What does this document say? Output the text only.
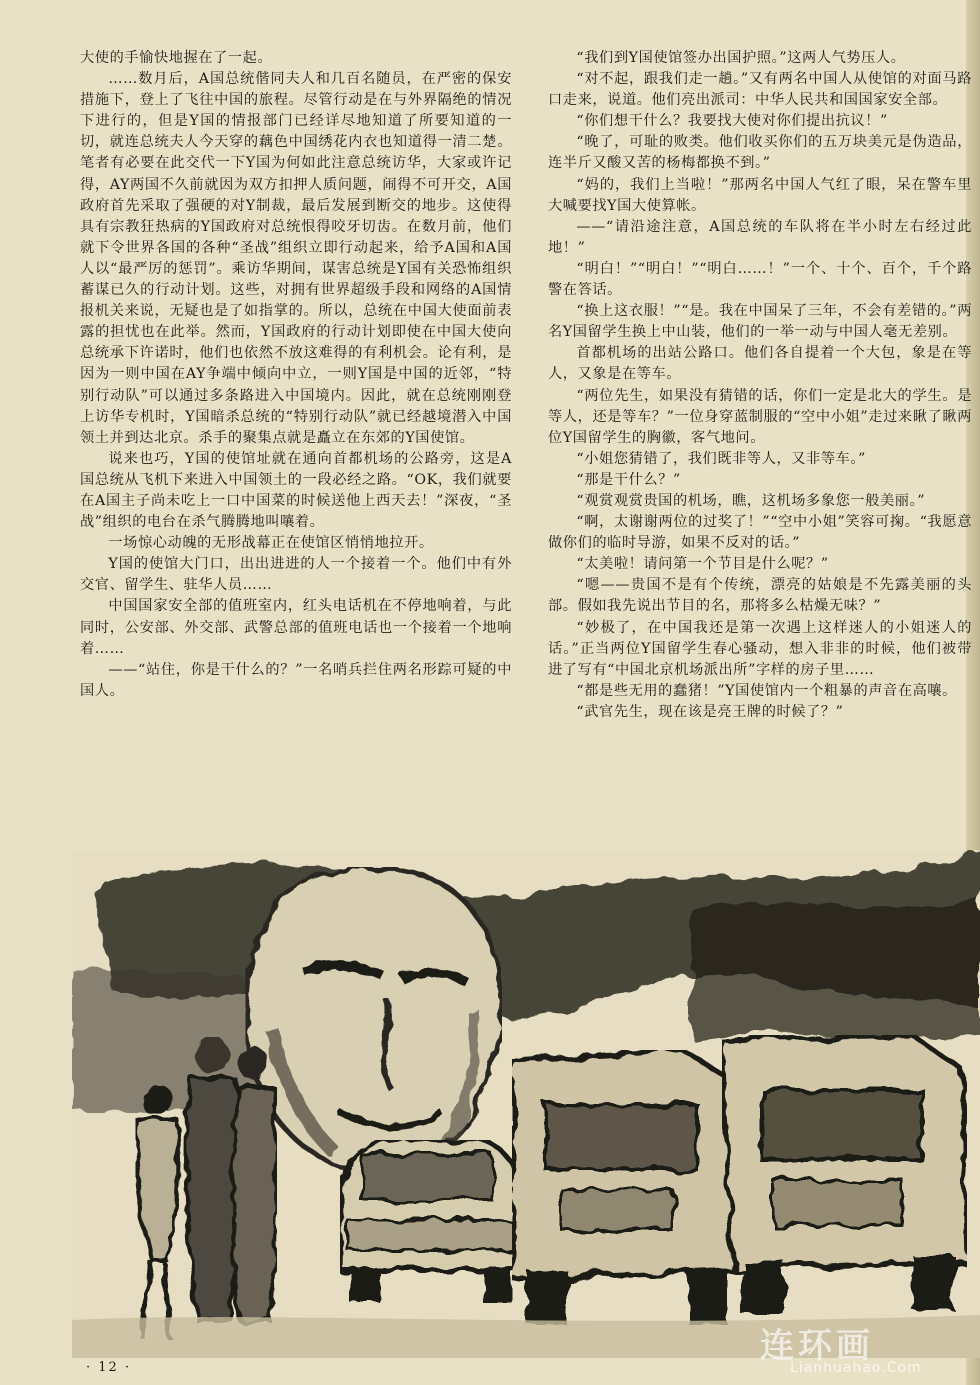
大使的手愉快地握在了一起。

……数月后，A国总统偕同夫人和几百名随员，在严密的保安措施下，登上了飞往中国的旅程。尽管行动是在与外界隔绝的情况下进行的，但是Y国的情报部门已经详尽地知道了所要知道的一切，就连总统夫人今天穿的藕色中国绣花内衣也知道得一清二楚。笔者有必要在此交代一下Y国为何如此注意总统访华，大家或许记得，AY两国不久前就因为双方扣押人质问题，闹得不可开交，A国政府首先采取了强硬的对Y制裁，最后发展到断交的地步。这使得具有宗教狂热病的Y国政府对总统恨得咬牙切齿。在数月前，他们就下令世界各国的各种“圣战”组织立即行动起来，给予A国和A国人以“最严厉的惩罚”。乘访华期间，谋害总统是Y国有关恐怖组织蓄谋已久的行动计划。这些，对拥有世界超级手段和网络的A国情报机关来说，无疑也是了如指掌的。所以，总统在中国大使面前表露的担忧也在此举。然而，Y国政府的行动计划即使在中国大使向总统承下许诺时，他们也依然不放这难得的有利机会。论有利，是因为一则中国在AY争端中倾向中立，一则Y国是中国的近邻，“特别行动队”可以通过多条路进入中国境内。因此，就在总统刚刚登上访华专机时，Y国暗杀总统的“特别行动队”就已经越境潜入中国领土并到达北京。杀手的聚集点就是矗立在东郊的Y国使馆。

说来也巧，Y国的使馆址就在通向首都机场的公路旁，这是A国总统从飞机下来进入中国领土的一段必经之路。“OK，我们就要在A国主子尚未吃上一口中国菜的时候送他上西天去！”深夜，“圣战”组织的电台在杀气腾腾地叫嚷着。

一场惊心动魄的无形战幕正在使馆区悄悄地拉开。

Y国的使馆大门口，出出进进的人一个接着一个。他们中有外交官、留学生、驻华人员……

中国国家安全部的值班室内，红头电话机在不停地响着，与此同时，公安部、外交部、武警总部的值班电话也一个接着一个地响着……

——“站住，你是干什么的？”一名哨兵拦住两名形踪可疑的中国人。

“我们到Y国使馆签办出国护照。”这两人气势压人。

“对不起，跟我们走一趟。”又有两名中国人从使馆的对面马路口走来，说道。他们亮出派司：中华人民共和国国家安全部。

“你们想干什么？我要找大使对你们提出抗议！”

“晚了，可耻的败类。他们收买你们的五万块美元是伪造品，连半斤又酸又苦的杨梅都换不到。”

“妈的，我们上当啦！”那两名中国人气红了眼，呆在警车里大喊要找Y国大使算帐。

——“请沿途注意，A国总统的车队将在半小时左右经过此地！”

“明白！”“明白！”“明白……！”一个、十个、百个，千个路警在答话。

“换上这衣服！”“是。我在中国呆了三年，不会有差错的。”两名Y国留学生换上中山装，他们的一举一动与中国人毫无差别。

首都机场的出站公路口。他们各自提着一个大包，象是在等人，又象是在等车。

“两位先生，如果没有猜错的话，你们一定是北大的学生。是等人，还是等车？”一位身穿蓝制服的“空中小姐”走过来瞅了瞅两位Y国留学生的胸徽，客气地问。

“小姐您猜错了，我们既非等人，又非等车。”

“那是干什么？”

“观赏观赏贵国的机场，瞧，这机场多象您一般美丽。”

“啊，太谢谢两位的过奖了！”“空中小姐”笑容可掬。“我愿意做你们的临时导游，如果不反对的话。”

“太美啦！请问第一个节目是什么呢？”

“嗯——贵国不是有个传统，漂亮的姑娘是不先露美丽的头部。假如我先说出节目的名，那将多么枯燥无味？”

“妙极了，在中国我还是第一次遇上这样迷人的小姐迷人的话。”正当两位Y国留学生春心骚动，想入非非的时候，他们被带进了写有“中国北京机场派出所”字样的房子里……

“都是些无用的蠢猪！”Y国使馆内一个粗暴的声音在高嚷。

“武官先生，现在该是亮王牌的时候了？”

· 12 ·
连环画
Lianhuahao.Com
